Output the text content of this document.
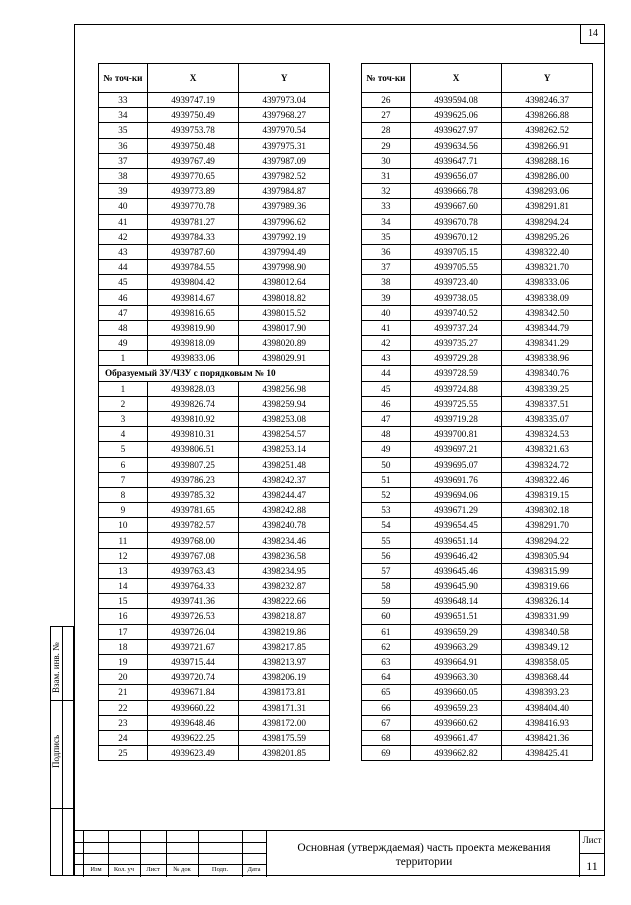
14
№ точ-ки	X	Y
33	4939747.19	4397973.04
34	4939750.49	4397968.27
35	4939753.78	4397970.54
36	4939750.48	4397975.31
37	4939767.49	4397987.09
38	4939770.65	4397982.52
39	4939773.89	4397984.87
40	4939770.78	4397989.36
41	4939781.27	4397996.62
42	4939784.33	4397992.19
43	4939787.60	4397994.49
44	4939784.55	4397998.90
45	4939804.42	4398012.64
46	4939814.67	4398018.82
47	4939816.65	4398015.52
48	4939819.90	4398017.90
49	4939818.09	4398020.89
1	4939833.06	4398029.91
Образуемый ЗУ/ЧЗУ с порядковым № 10		
1	4939828.03	4398256.98
2	4939826.74	4398259.94
3	4939810.92	4398253.08
4	4939810.31	4398254.57
5	4939806.51	4398253.14
6	4939807.25	4398251.48
7	4939786.23	4398242.37
8	4939785.32	4398244.47
9	4939781.65	4398242.88
10	4939782.57	4398240.78
11	4939768.00	4398234.46
12	4939767.08	4398236.58
13	4939763.43	4398234.95
14	4939764.33	4398232.87
15	4939741.36	4398222.66
16	4939726.53	4398218.87
17	4939726.04	4398219.86
18	4939721.67	4398217.85
19	4939715.44	4398213.97
20	4939720.74	4398206.19
21	4939671.84	4398173.81
22	4939660.22	4398171.31
23	4939648.46	4398172.00
24	4939622.25	4398175.59
25	4939623.49	4398201.85
№ точ-ки	X	Y
26	4939594.08	4398246.37
27	4939625.06	4398266.88
28	4939627.97	4398262.52
29	4939634.56	4398266.91
30	4939647.71	4398288.16
31	4939656.07	4398286.00
32	4939666.78	4398293.06
33	4939667.60	4398291.81
34	4939670.78	4398294.24
35	4939670.12	4398295.26
36	4939705.15	4398322.40
37	4939705.55	4398321.70
38	4939723.40	4398333.06
39	4939738.05	4398338.09
40	4939740.52	4398342.50
41	4939737.24	4398344.79
42	4939735.27	4398341.29
43	4939729.28	4398338.96
44	4939728.59	4398340.76
45	4939724.88	4398339.25
46	4939725.55	4398337.51
47	4939719.28	4398335.07
48	4939700.81	4398324.53
49	4939697.21	4398321.63
50	4939695.07	4398324.72
51	4939691.76	4398322.46
52	4939694.06	4398319.15
53	4939671.29	4398302.18
54	4939654.45	4398291.70
55	4939651.14	4398294.22
56	4939646.42	4398305.94
57	4939645.46	4398315.99
58	4939645.90	4398319.66
59	4939648.14	4398326.14
60	4939651.51	4398331.99
61	4939659.29	4398340.58
62	4939663.29	4398349.12
63	4939664.91	4398358.05
64	4939663.30	4398368.44
65	4939660.05	4398393.23
66	4939659.23	4398404.40
67	4939660.62	4398416.93
68	4939661.47	4398421.36
69	4939662.82	4398425.41
Взам. инв. №
Подпись
Изм	Кол. уч	Лист	№ док	Подп.	Дата
Основная (утверждаемая) часть проекта межевания территории
Лист
11
